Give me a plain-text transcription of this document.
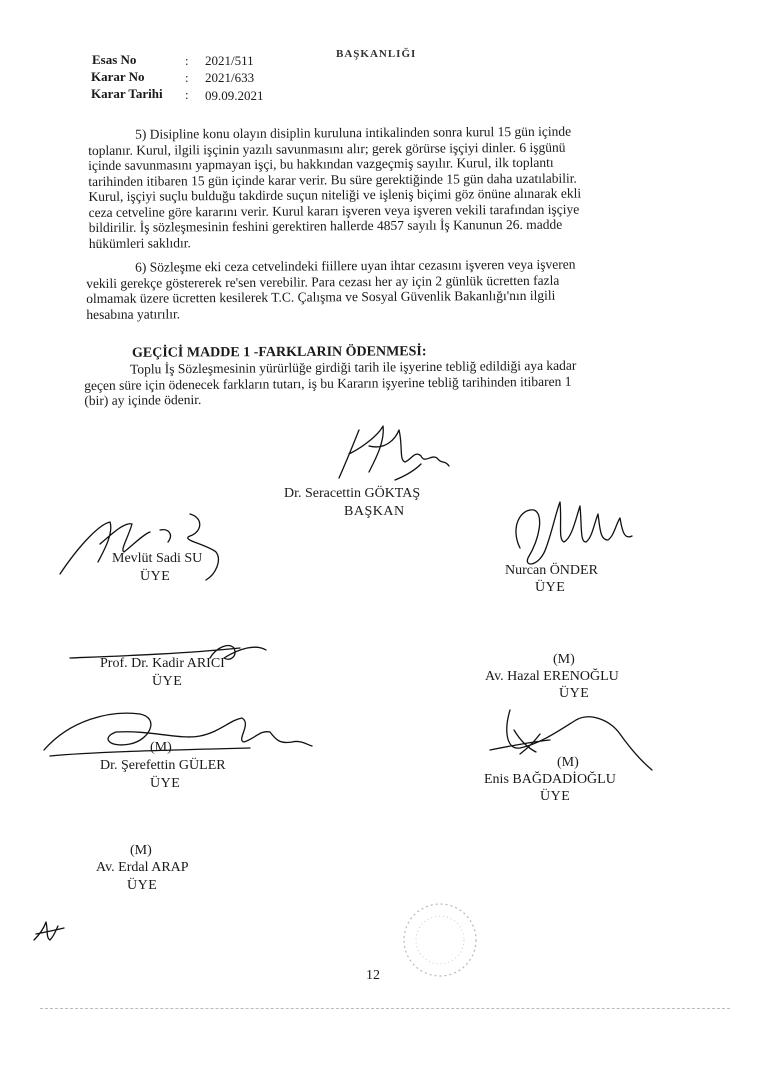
BAŞKANLIĞI
Esas No	: 2021/511
Karar No	: 2021/633
Karar Tarihi : 09.09.2021
5) Disipline konu olayın disiplin kuruluna intikalinden sonra kurul 15 gün içinde
toplanır. Kurul, ilgili işçinin yazılı savunmasını alır; gerek görürse işçiyi dinler. 6 işgünü
içinde savunmasını yapmayan işçi, bu hakkından vazgeçmiş sayılır. Kurul, ilk toplantı
tarihinden itibaren 15 gün içinde karar verir. Bu süre gerektiğinde 15 gün daha uzatılabilir.
Kurul, işçiyi suçlu bulduğu takdirde suçun niteliği ve işleniş biçimi göz önüne alınarak ekli
ceza cetveline göre kararını verir. Kurul kararı işveren veya işveren vekili tarafından işçiye
bildirilir. İş sözleşmesinin feshini gerektiren hallerde 4857 sayılı İş Kanunun 26. madde
hükümleri saklıdır.
6) Sözleşme eki ceza cetvelindeki fiillere uyan ihtar cezasını işveren veya işveren
vekili gerekçe göstererek re'sen verebilir. Para cezası her ay için 2 günlük ücretten fazla
olmamak üzere ücretten kesilerek T.C. Çalışma ve Sosyal Güvenlik Bakanlığı'nın ilgili
hesabına yatırılır.
GEÇİCİ MADDE 1 -FARKLARIN ÖDENMESİ:
Toplu İş Sözleşmesinin yürürlüğe girdiği tarih ile işyerine tebliğ edildiği aya kadar
geçen süre için ödenecek farkların tutarı, iş bu Kararın işyerine tebliğ tarihinden itibaren 1
(bir) ay içinde ödenir.
Dr. Seracettin GÖKTAŞ
BAŞKAN
Mevlüt Sadi SU
ÜYE	Nurcan ÖNDER
ÜYE
Prof. Dr. Kadir ARICI
ÜYE
(M)
Av. Hazal ERENOĞLU
ÜYE
(M)
Dr. Şerefettin GÜLER
ÜYE
(M)
Enis BAĞDADİOĞLU
ÜYE
(M)
Av. Erdal ARAP
ÜYE
12
